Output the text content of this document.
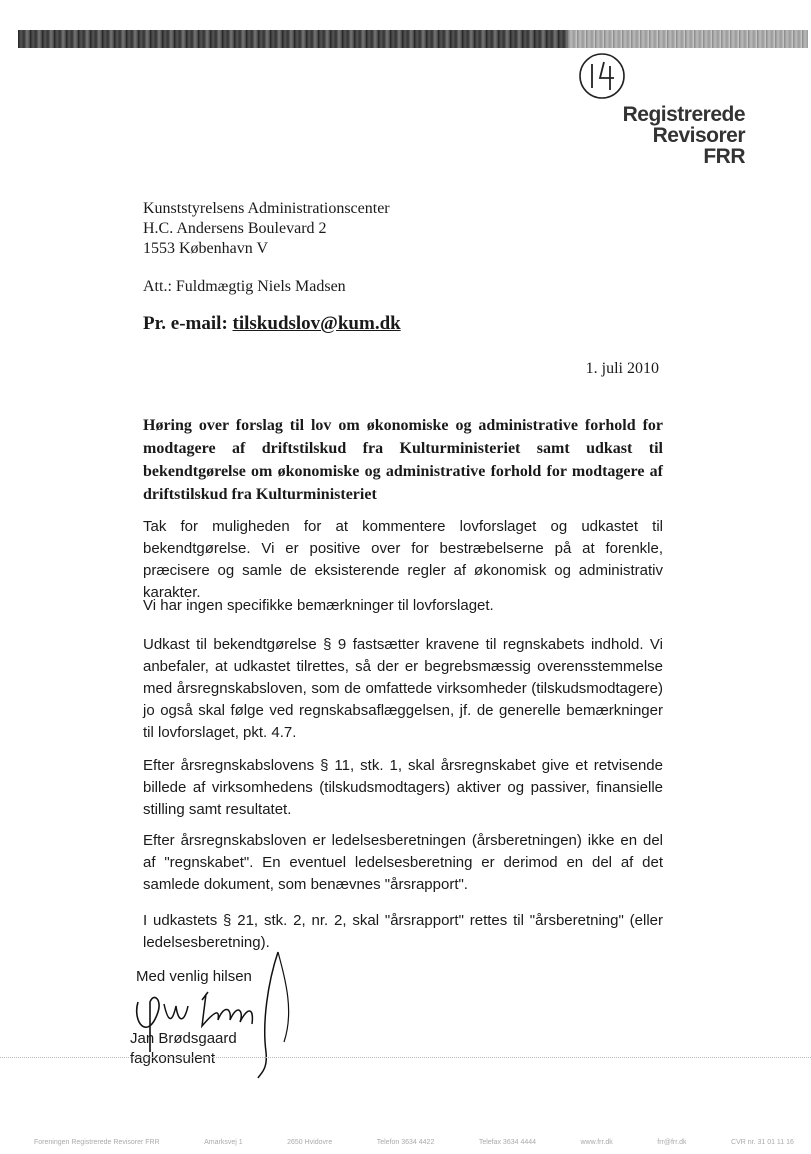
Registrerede
Revisorer
FRR
Kunststyrelsens Administrationscenter
H.C. Andersens Boulevard 2
1553 København V
Att.: Fuldmægtig Niels Madsen
Pr. e-mail: tilskudslov@kum.dk
1. juli 2010
Høring over forslag til lov om økonomiske og administrative forhold for modtagere af driftstilskud fra Kulturministeriet samt udkast til bekendtgørelse om økonomiske og administrative forhold for modtagere af driftstilskud fra Kulturministeriet
Tak for muligheden for at kommentere lovforslaget og udkastet til bekendtgørelse. Vi er positive over for bestræbelserne på at forenkle, præcisere og samle de eksisterende regler af økonomisk og administrativ karakter.
Vi har ingen specifikke bemærkninger til lovforslaget.
Udkast til bekendtgørelse § 9 fastsætter kravene til regnskabets indhold. Vi anbefaler, at udkastet tilrettes, så der er begrebsmæssig overensstemmelse med årsregnskabsloven, som de omfattede virksomheder (tilskudsmodtagere) jo også skal følge ved regnskabsaflæggelsen, jf. de generelle bemærkninger til lovforslaget, pkt. 4.7.
Efter årsregnskabslovens § 11, stk. 1, skal årsregnskabet give et retvisende billede af virksomhedens (tilskudsmodtagers) aktiver og passiver, finansielle stilling samt resultatet.
Efter årsregnskabsloven er ledelsesberetningen (årsberetningen) ikke en del af "regnskabet". En eventuel ledelsesberetning er derimod en del af det samlede dokument, som benævnes "årsrapport".
I udkastets § 21, stk. 2, nr. 2, skal "årsrapport" rettes til "årsberetning" (eller ledelsesberetning).
Med venlig hilsen
Jan Brødsgaard
fagkonsulent
Foreningen Registrerede Revisorer FRR	Amarksvej 1	2650 Hvidovre	Telefon 3634 4422	Telefax 3634 4444	www.frr.dk	frr@frr.dk	CVR nr. 31 01 11 16
